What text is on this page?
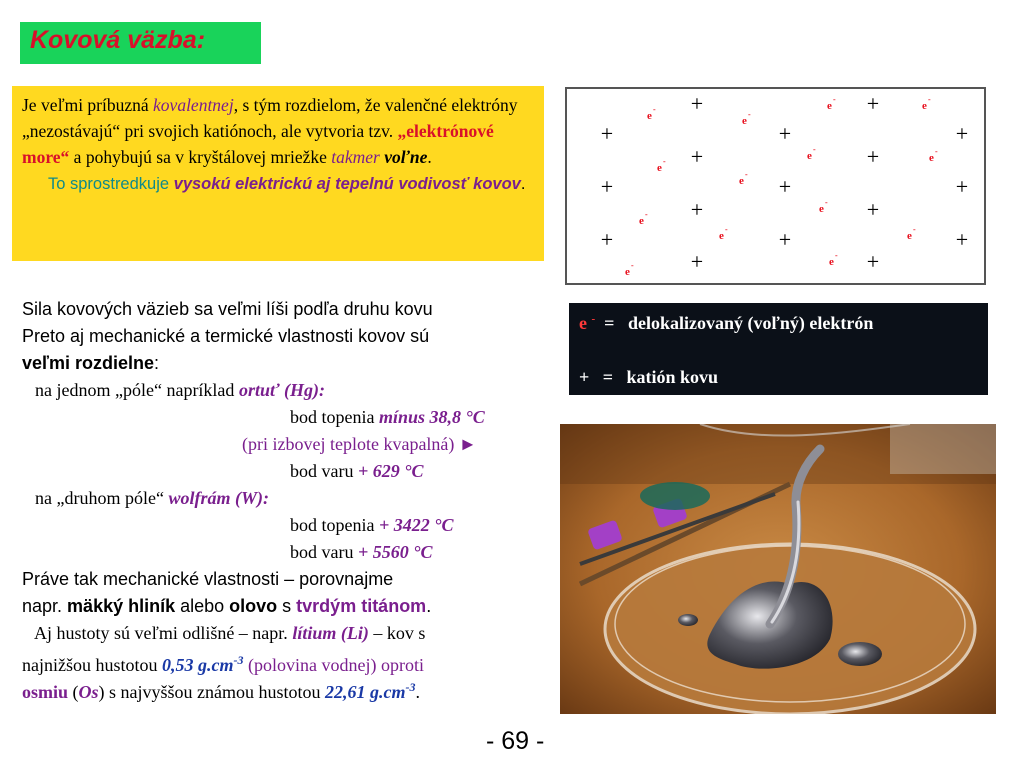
Kovová väzba:
Je veľmi príbuzná kovalentnej, s tým rozdielom, že valenčné elektróny „nezostávajú“ pri svojich katiónoch, ale vytvoria tzv. „elektrónové more“ a pohybujú sa v kryštálovej mriežke takmer voľne.
To sprostredkuje vysokú elektrickú aj tepelnú vodivosť kovov.
+
+
+
+
+
+
+
+
+
+
+
+
+
+
+
+	+
e
-
e
-
e
-
e
-
e
-
e
-
e
-
e
-
e
-
e
-
e
-
e
-
e
-	e
-
e - = delokalizovaný (voľný) elektrón
+ = katión kovu
Sila kovových väzieb sa veľmi líši podľa druhu kovu
Preto aj mechanické a termické vlastnosti kovov sú
veľmi rozdielne:
na jednom „póle“ napríklad ortuť (Hg):
bod topenia mínus 38,8 °C
(pri izbovej teplote kvapalná) ►
bod varu + 629 °C
na „druhom póle“ wolfrám (W):
bod topenia + 3422 °C
bod varu + 5560 °C
Práve tak mechanické vlastnosti – porovnajme
napr. mäkký hliník alebo olovo s tvrdým titánom.
Aj hustoty sú veľmi odlišné – napr. lítium (Li) – kov s
najnižšou hustotou 0,53 $g.cm^{-3}$ (polovina vodnej) oproti
osmiu (Os) s najvyššou známou hustotou 22,61 $g.cm^{-3}$.
- 69 -
